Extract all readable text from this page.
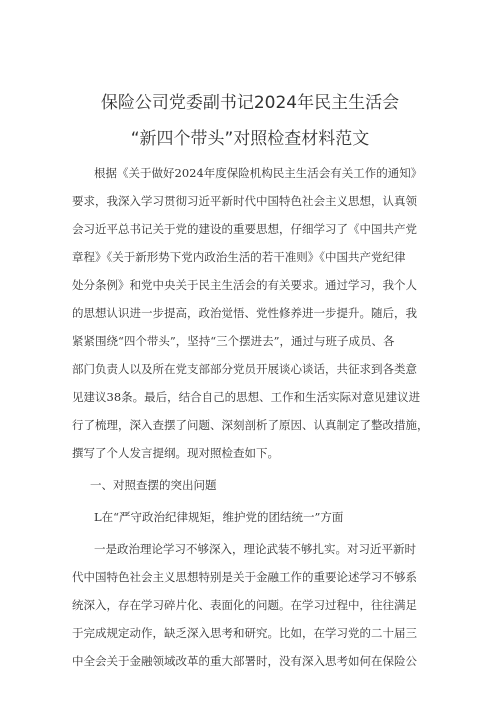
保险公司党委副书记2024年民主生活会
“新四个带头”对照检查材料范文
根据《关于做好2024年度保险机构民主生活会有关工作的通知》
要求，我深入学习贯彻习近平新时代中国特色社会主义思想，认真领
会习近平总书记关于党的建设的重要思想，仔细学习了《中国共产党
章程》《关于新形势下党内政治生活的若干准则》《中国共产党纪律
处分条例》和党中央关于民主生活会的有关要求。通过学习，我个人
的思想认识进一步提高，政治觉悟、党性修养进一步提升。随后，我
紧紧围绕“四个带头”，坚持“三个摆进去”，通过与班子成员、各
部门负责人以及所在党支部部分党员开展谈心谈话，共征求到各类意
见建议38条。最后，结合自己的思想、工作和生活实际对意见建议进
行了梳理，深入查摆了问题、深刻剖析了原因、认真制定了整改措施，
撰写了个人发言提纲。现对照检查如下。
一、对照查摆的突出问题
L在“严守政治纪律规矩，维护党的团结统一”方面
一是政治理论学习不够深入，理论武装不够扎实。对习近平新时
代中国特色社会主义思想特别是关于金融工作的重要论述学习不够系
统深入，存在学习碎片化、表面化的问题。在学习过程中，往往满足
于完成规定动作，缺乏深入思考和研究。比如，在学习党的二十届三
中全会关于金融领域改革的重大部署时，没有深入思考如何在保险公
